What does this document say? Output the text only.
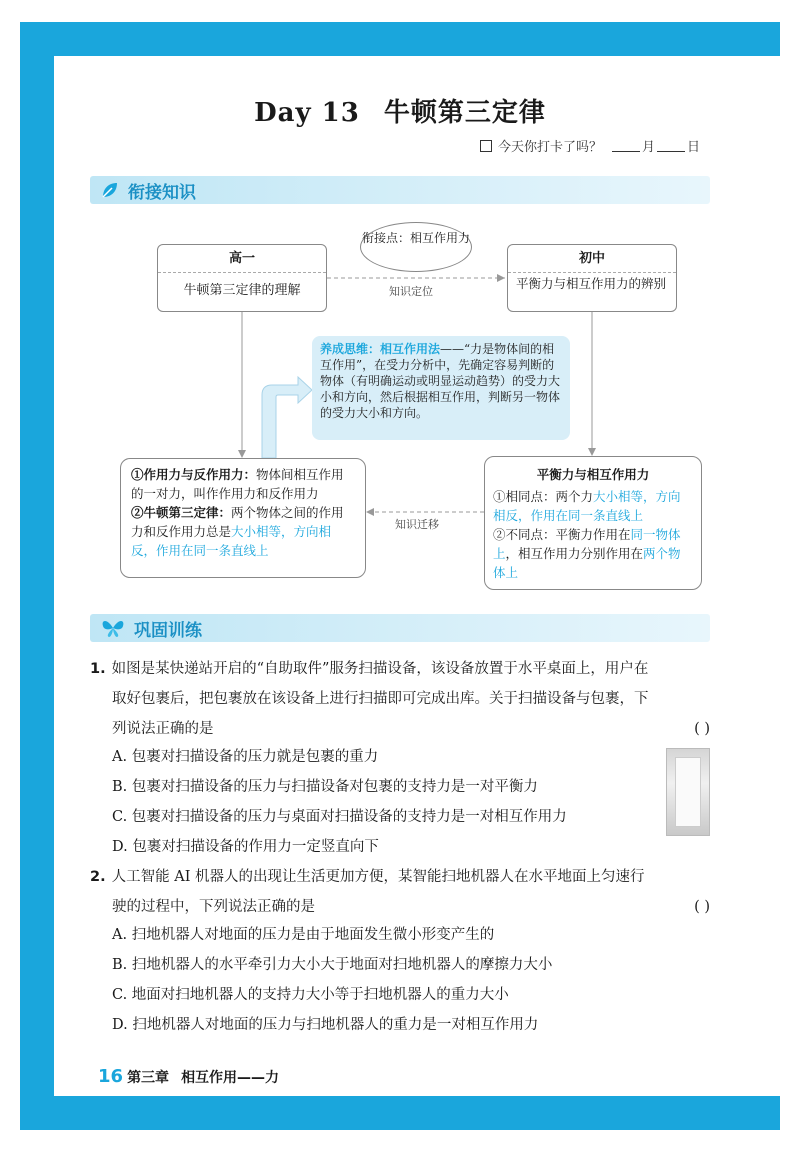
Day 13 牛顿第三定律
今天你打卡了吗？	月 日
衔接知识
衔接点：相互作用力
知识定位
知识迁移
高一
牛顿第三定律的理解
初中
平衡力与相互作用力的辨别
养成思维：相互作用法——“力是物体间的相互作用”，在受力分析中，先确定容易判断的物体（有明确运动或明显运动趋势）的受力大小和方向，然后根据相互作用，判断另一物体的受力大小和方向。
①作用力与反作用力：物体间相互作用的一对力，叫作作用力和反作用力
②牛顿第三定律：两个物体之间的作用力和反作用力总是大小相等，方向相反，作用在同一条直线上
平衡力与相互作用力
①相同点：两个力大小相等，方向相反，作用在同一条直线上
②不同点：平衡力作用在同一物体上，相互作用力分别作用在两个物体上
巩固训练
1. 如图是某快递站开启的“自助取件”服务扫描设备，该设备放置于水平桌面上，用户在
取好包裹后，把包裹放在该设备上进行扫描即可完成出库。关于扫描设备与包裹，下
列说法正确的是	( )
A. 包裹对扫描设备的压力就是包裹的重力
B. 包裹对扫描设备的压力与扫描设备对包裹的支持力是一对平衡力
C. 包裹对扫描设备的压力与桌面对扫描设备的支持力是一对相互作用力
D. 包裹对扫描设备的作用力一定竖直向下
2. 人工智能 AI 机器人的出现让生活更加方便，某智能扫地机器人在水平地面上匀速行
驶的过程中，下列说法正确的是	( )
A. 扫地机器人对地面的压力是由于地面发生微小形变产生的
B. 扫地机器人的水平牵引力大小大于地面对扫地机器人的摩擦力大小
C. 地面对扫地机器人的支持力大小等于扫地机器人的重力大小
D. 扫地机器人对地面的压力与扫地机器人的重力是一对相互作用力
16 第三章 相互作用——力
